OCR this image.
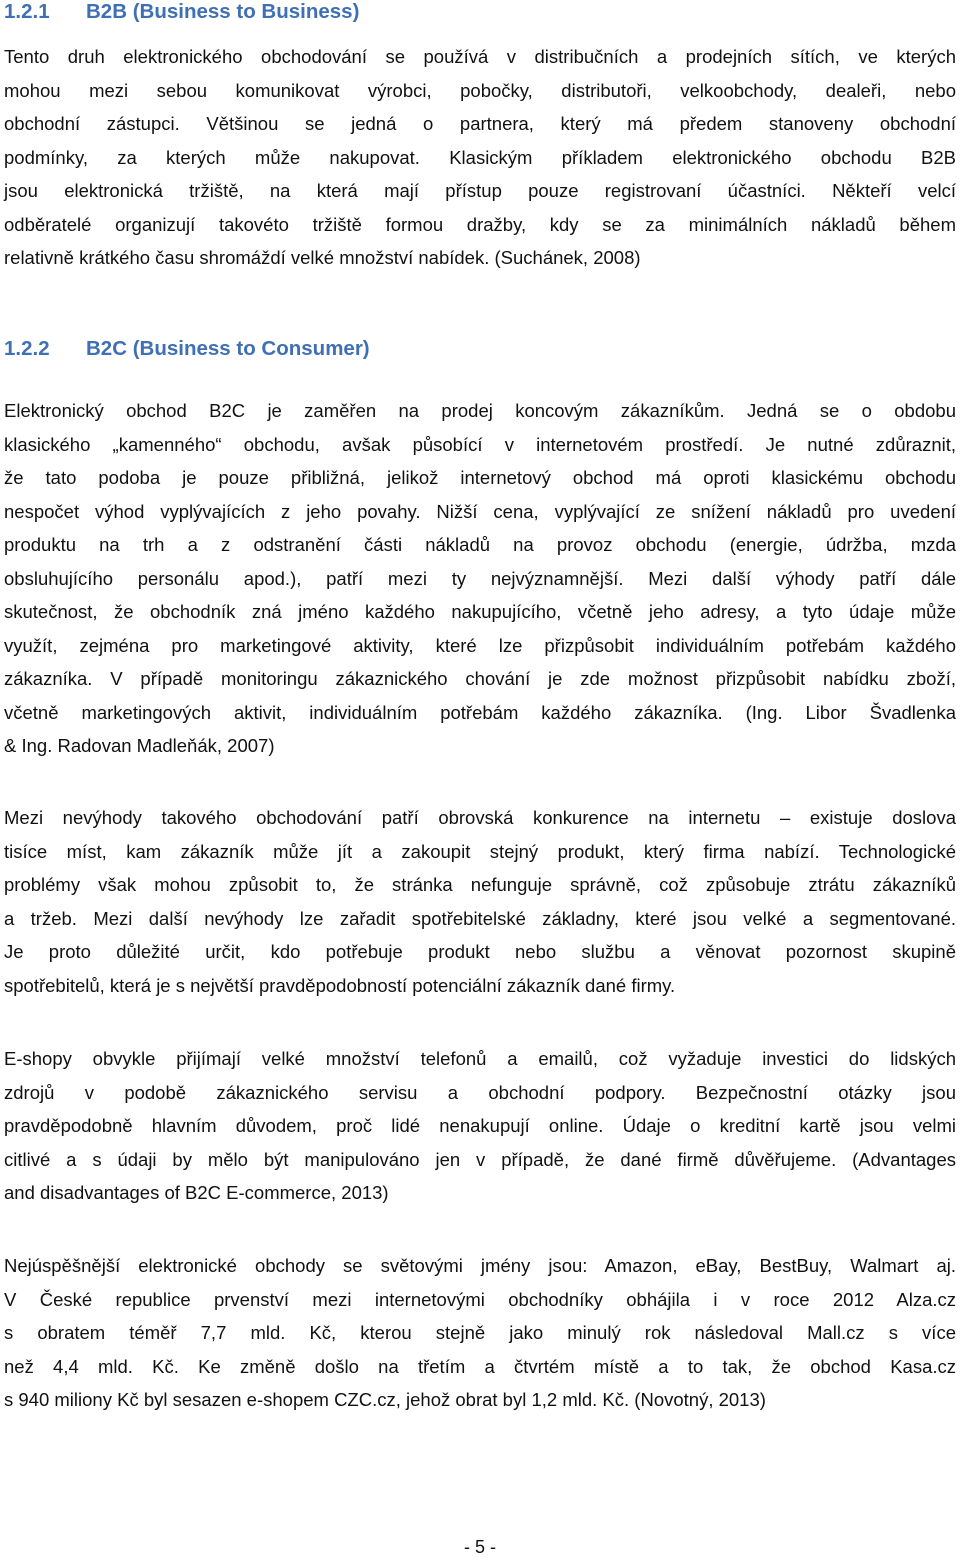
1.2.1 B2B (Business to Business)
Tento druh elektronického obchodování se používá v distribučních a prodejních sítích, ve kterých
mohou mezi sebou komunikovat výrobci, pobočky, distributoři, velkoobchody, dealeři, nebo
obchodní zástupci. Většinou se jedná o partnera, který má předem stanoveny obchodní
podmínky, za kterých může nakupovat. Klasickým příkladem elektronického obchodu B2B
jsou elektronická tržiště, na která mají přístup pouze registrovaní účastníci. Někteří velcí
odběratelé organizují takovéto tržiště formou dražby, kdy se za minimálních nákladů během
relativně krátkého času shromáždí velké množství nabídek. (Suchánek, 2008)
1.2.2 B2C (Business to Consumer)
Elektronický obchod B2C je zaměřen na prodej koncovým zákazníkům. Jedná se o obdobu
klasického „kamenného“ obchodu, avšak působící v internetovém prostředí. Je nutné zdůraznit,
že tato podoba je pouze přibližná, jelikož internetový obchod má oproti klasickému obchodu
nespočet výhod vyplývajících z jeho povahy. Nižší cena, vyplývající ze snížení nákladů pro uvedení
produktu na trh a z odstranění části nákladů na provoz obchodu (energie, údržba, mzda
obsluhujícího personálu apod.), patří mezi ty nejvýznamnější. Mezi další výhody patří dále
skutečnost, že obchodník zná jméno každého nakupujícího, včetně jeho adresy, a tyto údaje může
využít, zejména pro marketingové aktivity, které lze přizpůsobit individuálním potřebám každého
zákazníka. V případě monitoringu zákaznického chování je zde možnost přizpůsobit nabídku zboží,
včetně marketingových aktivit, individuálním potřebám každého zákazníka. (Ing. Libor Švadlenka
& Ing. Radovan Madleňák, 2007)
Mezi nevýhody takového obchodování patří obrovská konkurence na internetu – existuje doslova
tisíce míst, kam zákazník může jít a zakoupit stejný produkt, který firma nabízí. Technologické
problémy však mohou způsobit to, že stránka nefunguje správně, což způsobuje ztrátu zákazníků
a tržeb. Mezi další nevýhody lze zařadit spotřebitelské základny, které jsou velké a segmentované.
Je proto důležité určit, kdo potřebuje produkt nebo službu a věnovat pozornost skupině
spotřebitelů, která je s největší pravděpodobností potenciální zákazník dané firmy.
E-shopy obvykle přijímají velké množství telefonů a emailů, což vyžaduje investici do lidských
zdrojů v podobě zákaznického servisu a obchodní podpory. Bezpečnostní otázky jsou
pravděpodobně hlavním důvodem, proč lidé nenakupují online. Údaje o kreditní kartě jsou velmi
citlivé a s údaji by mělo být manipulováno jen v případě, že dané firmě důvěřujeme. (Advantages
and disadvantages of B2C E-commerce, 2013)
Nejúspěšnější elektronické obchody se světovými jmény jsou: Amazon, eBay, BestBuy, Walmart aj.
V České republice prvenství mezi internetovými obchodníky obhájila i v roce 2012 Alza.cz
s obratem téměř 7,7 mld. Kč, kterou stejně jako minulý rok následoval Mall.cz s více
než 4,4 mld. Kč. Ke změně došlo na třetím a čtvrtém místě a to tak, že obchod Kasa.cz
s 940 miliony Kč byl sesazen e-shopem CZC.cz, jehož obrat byl 1,2 mld. Kč. (Novotný, 2013)
- 5 -
